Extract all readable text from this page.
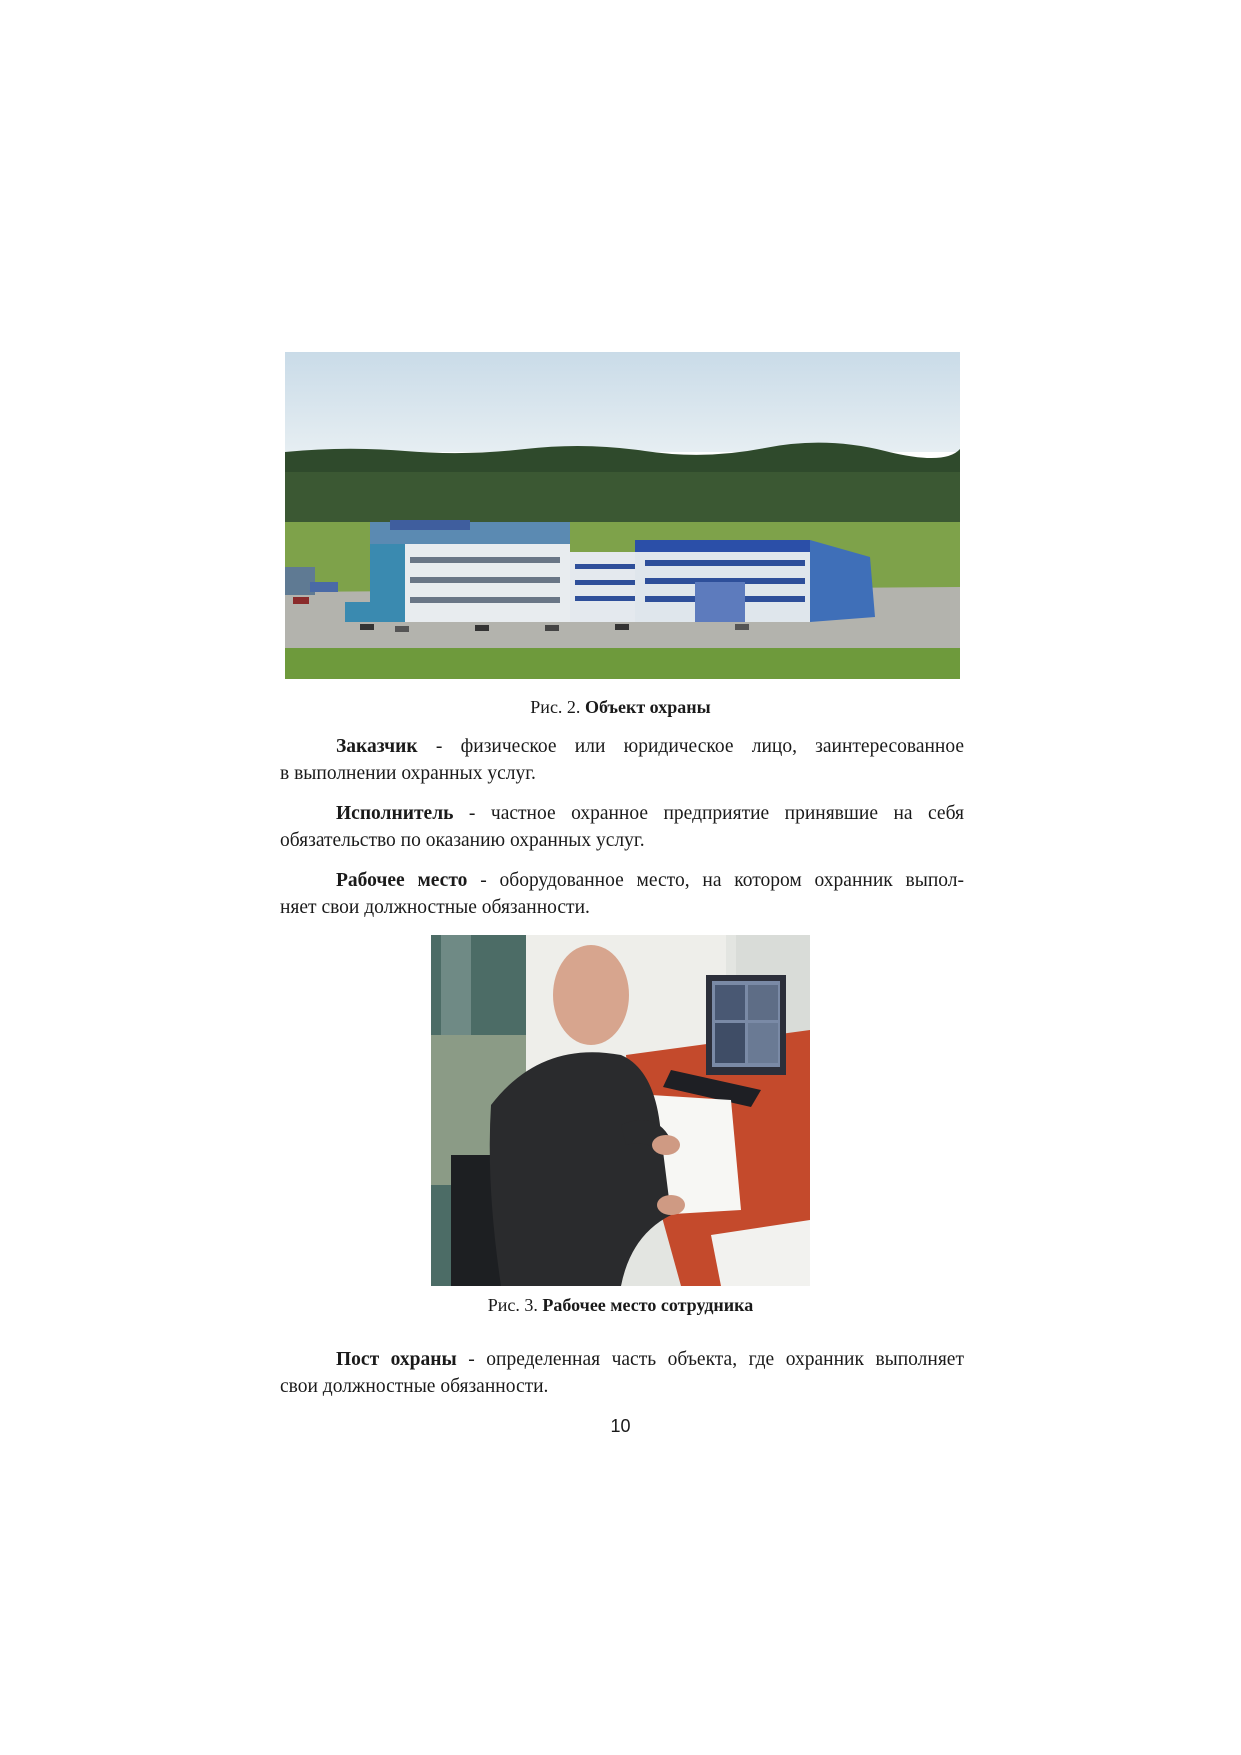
Рис. 2. Объект охраны
Заказчик - физическое или юридическое лицо, заинтересованное
в выполнении охранных услуг.
Исполнитель - частное охранное предприятие принявшие на себя
обязательство по оказанию охранных услуг.
Рабочее место - оборудованное место, на котором охранник выпол-
няет свои должностные обязанности.
Рис. 3. Рабочее место сотрудника
Пост охраны - определенная часть объекта, где охранник выполняет
свои должностные обязанности.
10
